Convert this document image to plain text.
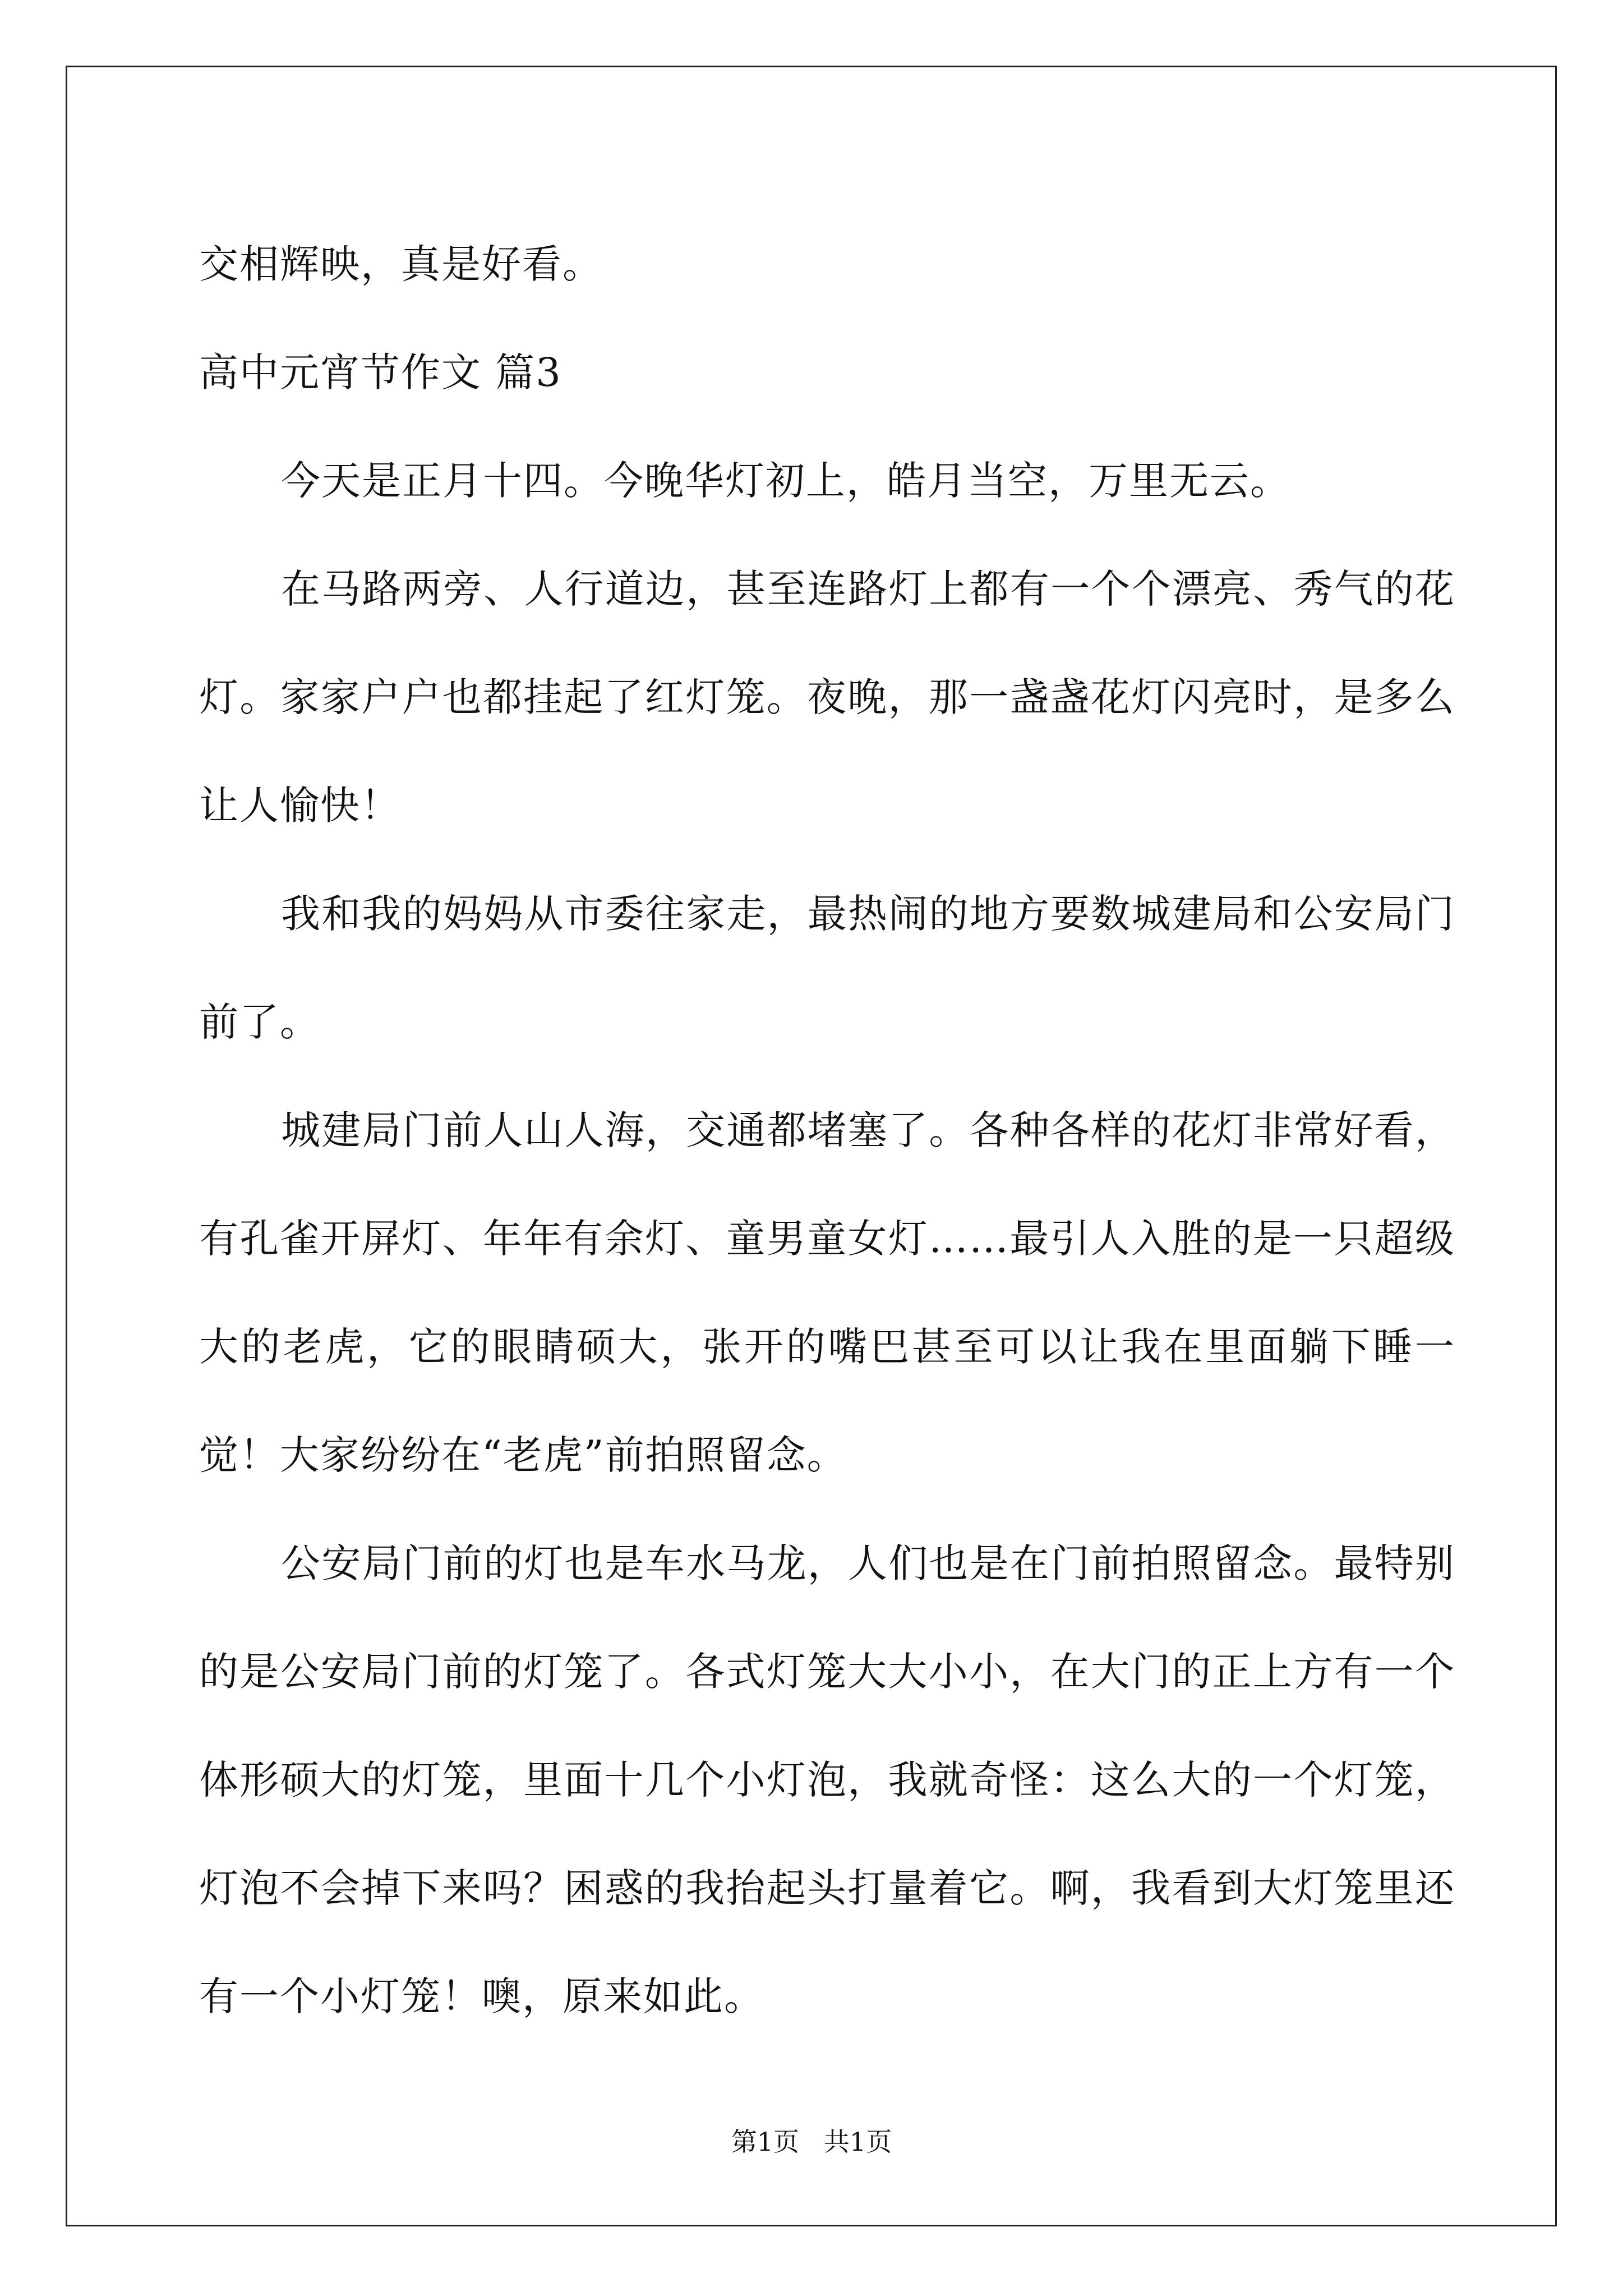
交相辉映，真是好看。
高中元宵节作文 篇3

今天是正月十四。今晚华灯初上，皓月当空，万里无云。

在马路两旁、人行道边，甚至连路灯上都有一个个漂亮、秀气的花灯。家家户户也都挂起了红灯笼。夜晚，那一盏盏花灯闪亮时，是多么让人愉快！

我和我的妈妈从市委往家走，最热闹的地方要数城建局和公安局门前了。

城建局门前人山人海，交通都堵塞了。各种各样的花灯非常好看，有孔雀开屏灯、年年有余灯、童男童女灯……最引人入胜的是一只超级大的老虎，它的眼睛硕大，张开的嘴巴甚至可以让我在里面躺下睡一觉！大家纷纷在“老虎”前拍照留念。

公安局门前的灯也是车水马龙，人们也是在门前拍照留念。最特别的是公安局门前的灯笼了。各式灯笼大大小小，在大门的正上方有一个体形硕大的灯笼，里面十几个小灯泡，我就奇怪：这么大的一个灯笼，灯泡不会掉下来吗？困惑的我抬起头打量着它。啊，我看到大灯笼里还有一个小灯笼！噢，原来如此。

第1页   共1页
